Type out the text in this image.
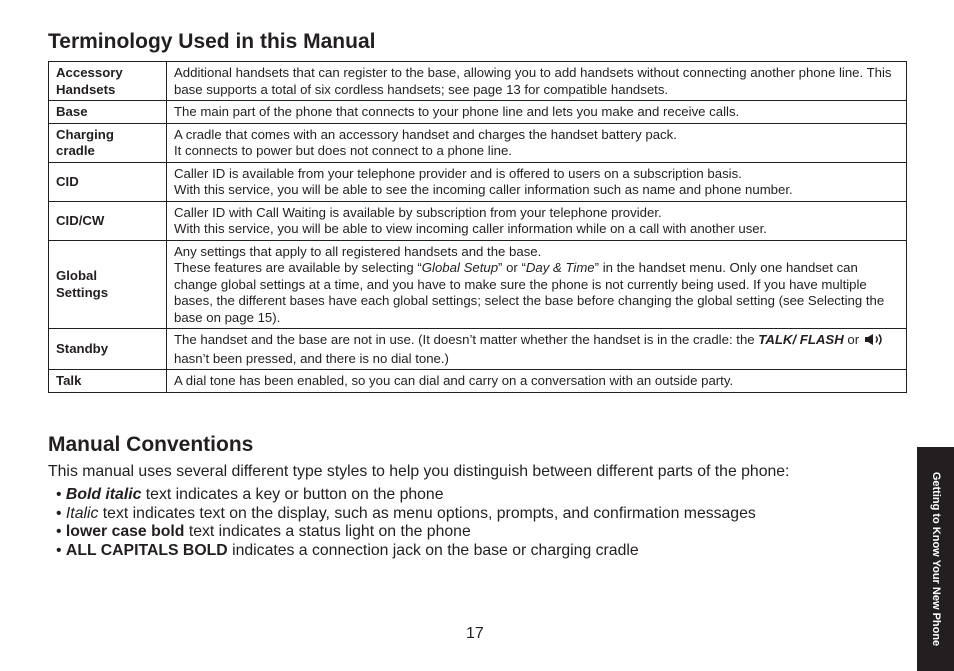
Terminology Used in this Manual
Accessory
Handsets	Additional handsets that can register to the base, allowing you to add handsets without connecting another phone line. This base supports a total of six cordless handsets; see page 13 for compatible handsets.
Base	The main part of the phone that connects to your phone line and lets you make and receive calls.

Charging
cradle	A cradle that comes with an accessory handset and charges the handset battery pack.
It connects to power but does not connect to a phone line.

CID	Caller ID is available from your telephone provider and is offered to users on a subscription basis.
With this service, you will be able to see the incoming caller information such as name and phone number.

CID/CW	Caller ID with Call Waiting is available by subscription from your telephone provider.
With this service, you will be able to view incoming caller information while on a call with another user.

Global
Settings	Any settings that apply to all registered handsets and the base.
These features are available by selecting “Global Setup” or “Day & Time” in the handset menu. Only one handset can change global settings at a time, and you have to make sure the phone is not currently being used. If you have multiple bases, the different bases have each global settings; select the base before changing the global setting (see Selecting the base on page 15).
Standby	The handset and the base are not in use. (It doesn’t matter whether the handset is in the cradle: the TALK/ FLASH or  hasn’t been pressed, and there is no dial tone.)
Talk	A dial tone has been enabled, so you can dial and carry on a conversation with an outside party.
Manual Conventions

This manual uses several different type styles to help you distinguish between different parts of the phone:

• Bold italic text indicates a key or button on the phone
• Italic text indicates text on the display, such as menu options, prompts, and confirmation messages
• lower case bold text indicates a status light on the phone
• ALL CAPITALS BOLD indicates a connection jack on the base or charging cradle
17	Getting to Know Your New Phone
